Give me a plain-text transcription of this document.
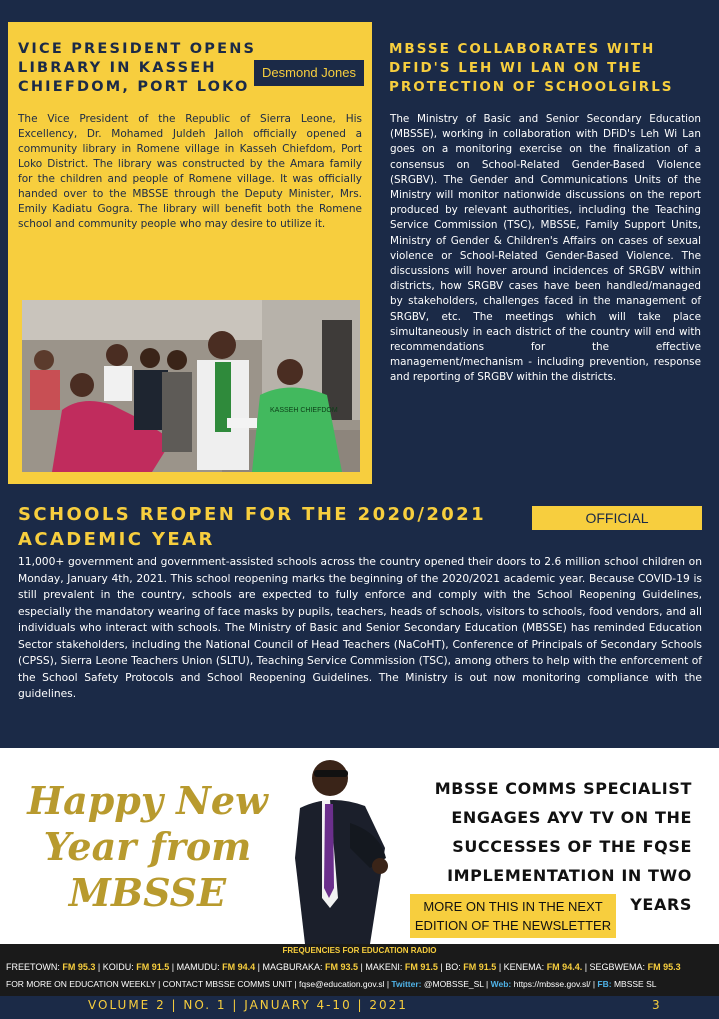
VICE PRESIDENT OPENS LIBRARY IN KASSEH CHIEFDOM, PORT LOKO
Desmond Jones
The Vice President of the Republic of Sierra Leone, His Excellency, Dr. Mohamed Juldeh Jalloh officially opened a community library in Romene village in Kasseh Chiefdom, Port Loko District. The library was constructed by the Amara family for the children and people of Romene village. It was officially handed over to the MBSSE through the Deputy Minister, Mrs. Emily Kadiatu Gogra. The library will benefit both the Romene school and community people who may desire to utilize it.
KASSEH CHIEFDOM
MBSSE COLLABORATES WITH DFID'S LEH WI LAN ON THE PROTECTION OF SCHOOLGIRLS
The Ministry of Basic and Senior Secondary Education (MBSSE), working in collaboration with DFiD's Leh Wi Lan goes on a monitoring exercise on the finalization of a consensus on School-Related Gender-Based Violence (SRGBV). The Gender and Communications Units of the Ministry will monitor nationwide discussions on the report produced by relevant authorities, including the Teaching Service Commission (TSC), MBSSE, Family Support Units, Ministry of Gender & Children's Affairs on cases of sexual violence or School-Related Gender-Based Violence. The discussions will hover around incidences of SRGBV within districts, how SRGBV cases have been handled/managed by stakeholders, challenges faced in the management of SRGBV, etc. The meetings which will take place simultaneously in each district of the country will end with recommendations for the effective management/mechanism - including prevention, response and reporting of SRGBV within the districts.
SCHOOLS REOPEN FOR THE 2020/2021 ACADEMIC YEAR
OFFICIAL
11,000+ government and government-assisted schools across the country opened their doors to 2.6 million school children on Monday, January 4th, 2021. This school reopening marks the beginning of the 2020/2021 academic year. Because COVID-19 is still prevalent in the country, schools are expected to fully enforce and comply with the School Reopening Guidelines, especially the mandatory wearing of face masks by pupils, teachers, heads of schools, visitors to schools, food vendors, and all individuals who interact with schools. The Ministry of Basic and Senior Secondary Education (MBSSE) has reminded Education Sector stakeholders, including the National Council of Head Teachers (NaCoHT), Conference of Principals of Secondary Schools (CPSS), Sierra Leone Teachers Union (SLTU), Teaching Service Commission (TSC), among others to help with the enforcement of the School Safety Protocols and School Reopening Guidelines. The Ministry is out now monitoring compliance with the guidelines.
Happy New
Year from
MBSSE
MBSSE COMMS SPECIALIST ENGAGES AYV TV ON THE SUCCESSES OF THE FQSE IMPLEMENTATION IN TWO YEARS
MORE ON THIS IN THE NEXT EDITION OF THE NEWSLETTER
FREQUENCIES FOR EDUCATION RADIO
FREETOWN: FM 95.3 | KOIDU: FM 91.5 | MAMUDU: FM 94.4 | MAGBURAKA: FM 93.5 | MAKENI: FM 91.5 | BO: FM 91.5 | KENEMA: FM 94.4. | SEGBWEMA: FM 95.3
FOR MORE ON EDUCATION WEEKLY | CONTACT MBSSE COMMS UNIT | fqse@education.gov.sl | Twitter: @MOBSSE_SL | Web: https://mbsse.gov.sl/ | FB: MBSSE SL
VOLUME 2 | NO. 1 | JANUARY 4-10 | 2021	3
